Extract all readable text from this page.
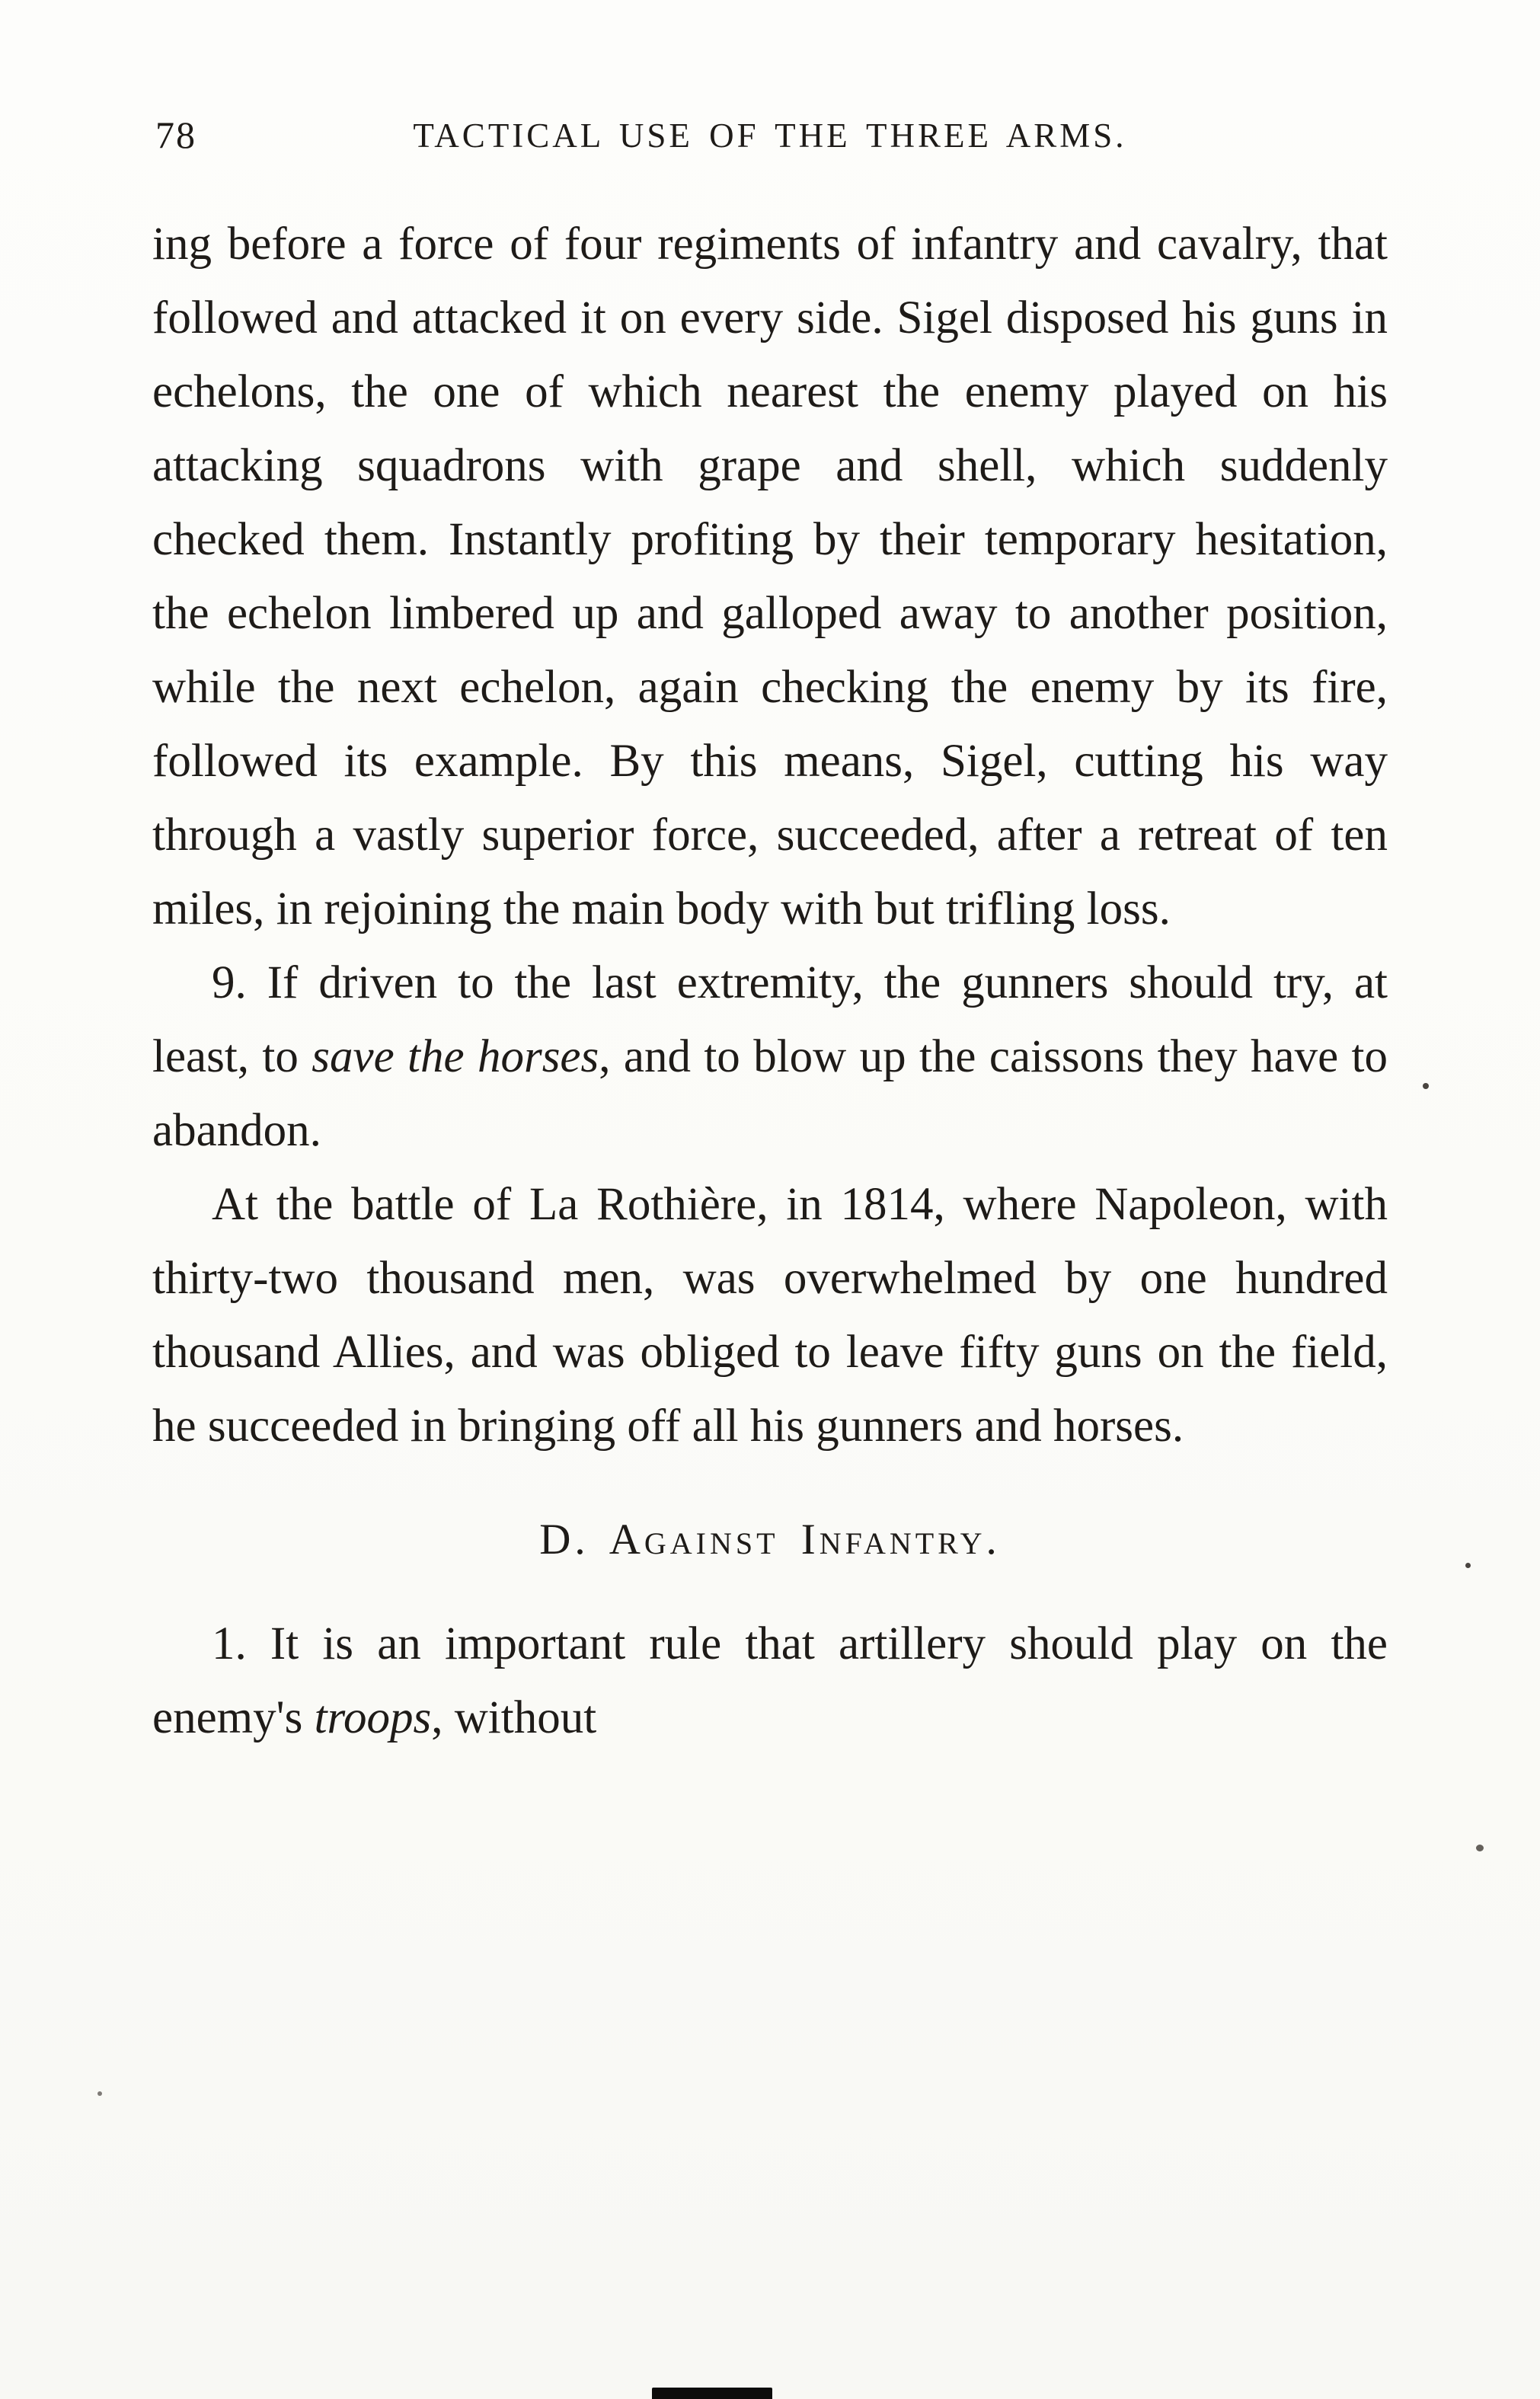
78	TACTICAL USE OF THE THREE ARMS.

ing before a force of four regiments of infantry and cavalry, that followed and attacked it on every side. Sigel disposed his guns in echelons, the one of which nearest the enemy played on his attacking squadrons with grape and shell, which suddenly checked them. Instantly profiting by their temporary hesitation, the echelon limbered up and galloped away to another position, while the next echelon, again checking the enemy by its fire, followed its example. By this means, Sigel, cutting his way through a vastly superior force, succeeded, after a retreat of ten miles, in rejoining the main body with but trifling loss.

9. If driven to the last extremity, the gunners should try, at least, to save the horses, and to blow up the caissons they have to abandon.

At the battle of La Rothière, in 1814, where Napoleon, with thirty-two thousand men, was overwhelmed by one hundred thousand Allies, and was obliged to leave fifty guns on the field, he succeeded in bringing off all his gunners and horses.

D. Against Infantry.

1. It is an important rule that artillery should play on the enemy's troops, without
